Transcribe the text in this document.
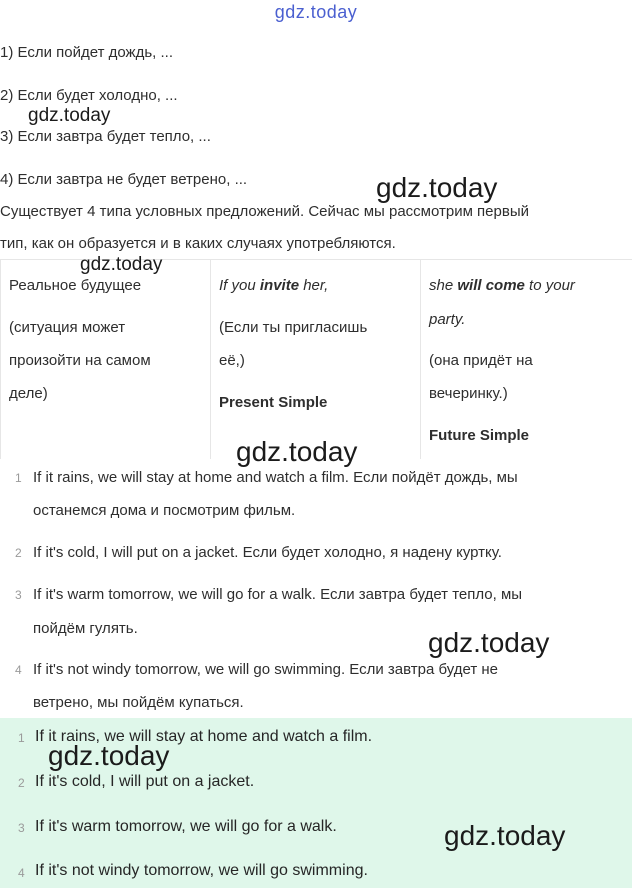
gdz.today
1) Если пойдет дождь, ...
2) Если будет холодно, ...
3) Если завтра будет тепло, ...
4) Если завтра не будет ветрено, ...
Существует 4 типа условных предложений. Сейчас мы рассмотрим первый
тип, как он образуется и в каких случаях употребляются.
Реальное будущее
(ситуация может
произойти на самом
деле)
If you invite her,
(Если ты пригласишь
её,)
Present Simple
she will come to your
party.
(она придёт на
вечеринку.)
Future Simple
1 If it rains, we will stay at home and watch a film. Если пойдёт дождь, мы
останемся дома и посмотрим фильм.
2 If it's cold, I will put on a jacket. Если будет холодно, я надену куртку.
3 If it's warm tomorrow, we will go for a walk. Если завтра будет тепло, мы
пойдём гулять.
4 If it's not windy tomorrow, we will go swimming. Если завтра будет не
ветрено, мы пойдём купаться.
1 If it rains, we will stay at home and watch a film.
2 If it's cold, I will put on a jacket.
3 If it's warm tomorrow, we will go for a walk.
4 If it's not windy tomorrow, we will go swimming.
gdz.today
gdz.today
gdz.today
gdz.today
gdz.today
gdz.today
gdz.today
